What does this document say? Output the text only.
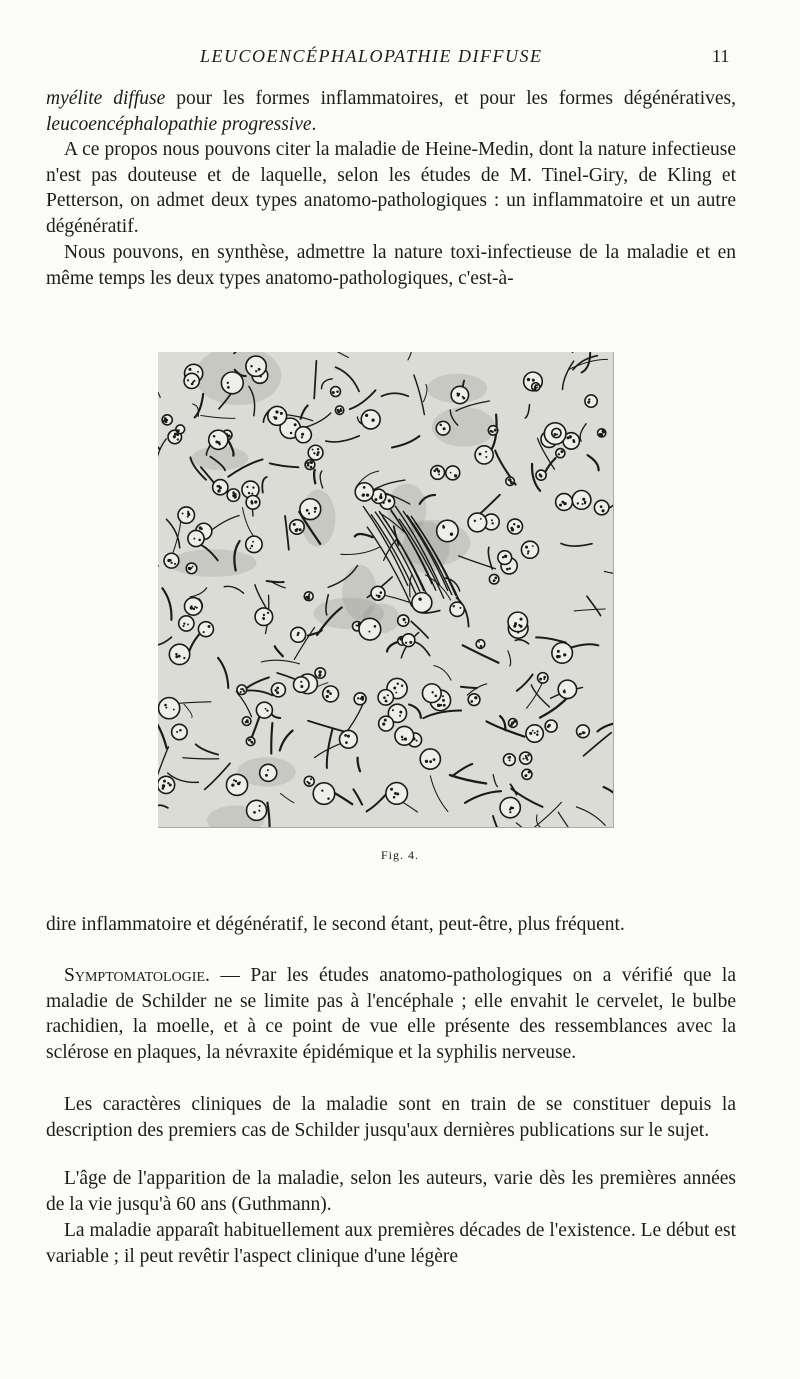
LEUCOENCÉPHALOPATHIE DIFFUSE	11

myélite diffuse pour les formes inflammatoires, et pour les formes dégénératives, leucoencéphalopathie progressive.

A ce propos nous pouvons citer la maladie de Heine-Medin, dont la nature infectieuse n'est pas douteuse et de laquelle, selon les études de M. Tinel-Giry, de Kling et Petterson, on admet deux types anatomo-pathologiques : un inflammatoire et un autre dégénératif.

Nous pouvons, en synthèse, admettre la nature toxi-infectieuse de la maladie et en même temps les deux types anatomo-pathologiques, c'est-à-

Fig. 4.

dire inflammatoire et dégénératif, le second étant, peut-être, plus fréquent.

Symptomatologie. — Par les études anatomo-pathologiques on a vérifié que la maladie de Schilder ne se limite pas à l'encéphale ; elle envahit le cervelet, le bulbe rachidien, la moelle, et à ce point de vue elle présente des ressemblances avec la sclérose en plaques, la névraxite épidémique et la syphilis nerveuse.

Les caractères cliniques de la maladie sont en train de se constituer depuis la description des premiers cas de Schilder jusqu'aux dernières publications sur le sujet.

L'âge de l'apparition de la maladie, selon les auteurs, varie dès les premières années de la vie jusqu'à 60 ans (Guthmann).

La maladie apparaît habituellement aux premières décades de l'existence. Le début est variable ; il peut revêtir l'aspect clinique d'une légère
